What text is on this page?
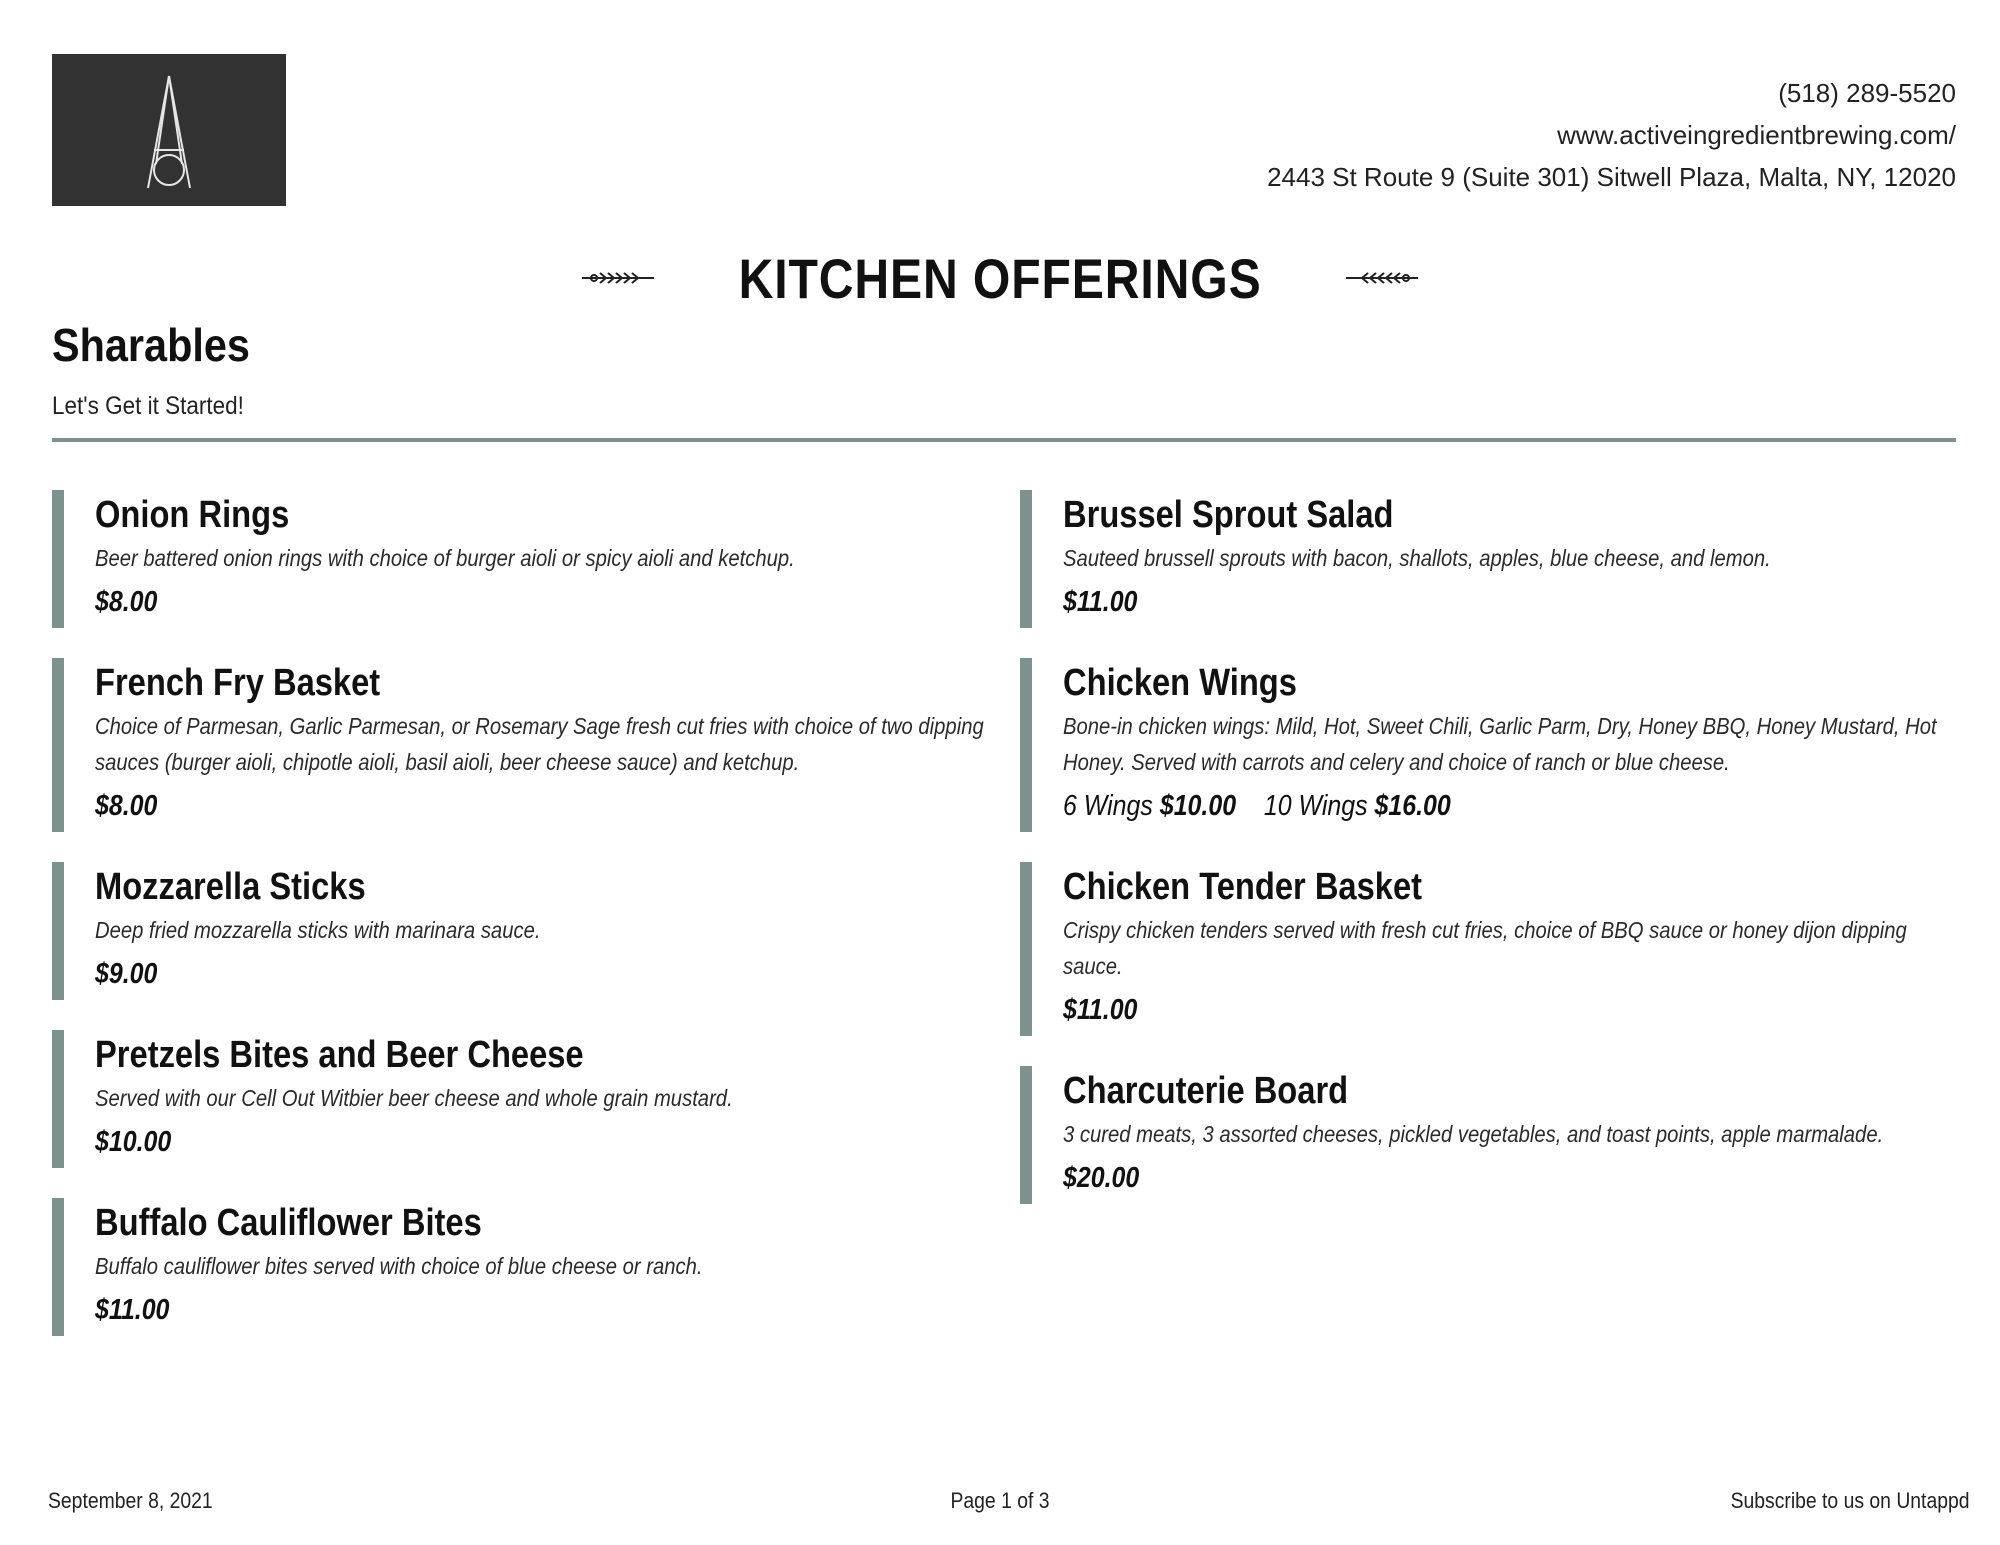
(518) 289-5520
www.activeingredientbrewing.com/
2443 St Route 9 (Suite 301) Sitwell Plaza, Malta, NY, 12020
KITCHEN OFFERINGS
Sharables
Let's Get it Started!
Onion Rings
Beer battered onion rings with choice of burger aioli or spicy aioli and ketchup.
$8.00
French Fry Basket
Choice of Parmesan, Garlic Parmesan, or Rosemary Sage fresh cut fries with choice of two dipping sauces (burger aioli, chipotle aioli, basil aioli, beer cheese sauce) and ketchup.
$8.00
Mozzarella Sticks
Deep fried mozzarella sticks with marinara sauce.
$9.00
Pretzels Bites and Beer Cheese
Served with our Cell Out Witbier beer cheese and whole grain mustard.
$10.00
Buffalo Cauliflower Bites
Buffalo cauliflower bites served with choice of blue cheese or ranch.
$11.00
Brussel Sprout Salad
Sauteed brussell sprouts with bacon, shallots, apples, blue cheese, and lemon.
$11.00
Chicken Wings
Bone-in chicken wings: Mild, Hot, Sweet Chili, Garlic Parm, Dry, Honey BBQ, Honey Mustard, Hot Honey. Served with carrots and celery and choice of ranch or blue cheese.
6 Wings $10.00 10 Wings $16.00
Chicken Tender Basket
Crispy chicken tenders served with fresh cut fries, choice of BBQ sauce or honey dijon dipping sauce.
$11.00
Charcuterie Board
3 cured meats, 3 assorted cheeses, pickled vegetables, and toast points, apple marmalade.
$20.00
September 8, 2021	Page 1 of 3	Subscribe to us on Untappd
